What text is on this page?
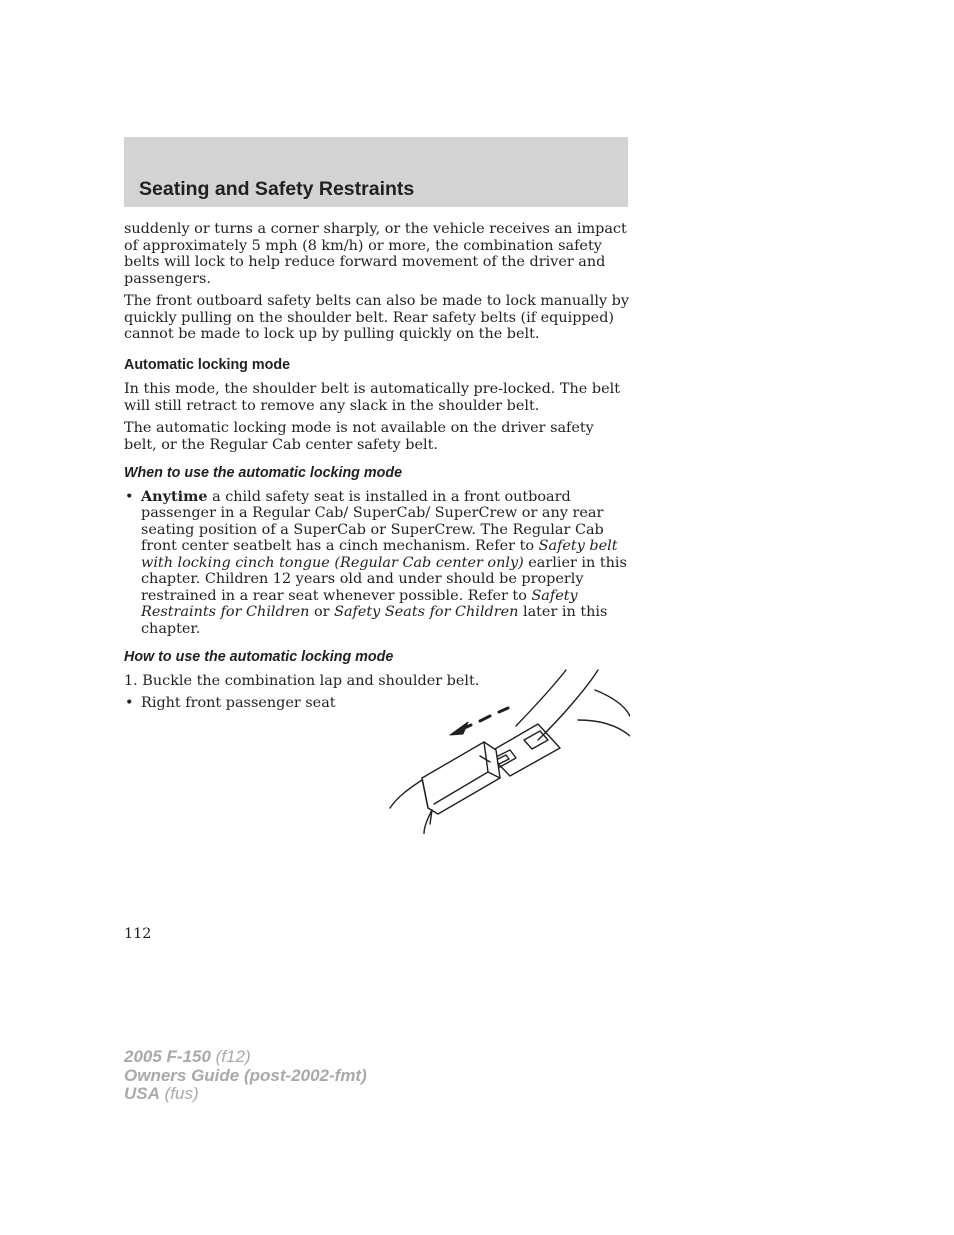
Seating and Safety Restraints

suddenly or turns a corner sharply, or the vehicle receives an impact of approximately 5 mph (8 km/h) or more, the combination safety belts will lock to help reduce forward movement of the driver and passengers.

The front outboard safety belts can also be made to lock manually by quickly pulling on the shoulder belt. Rear safety belts (if equipped) cannot be made to lock up by pulling quickly on the belt.

Automatic locking mode

In this mode, the shoulder belt is automatically pre-locked. The belt will still retract to remove any slack in the shoulder belt.

The automatic locking mode is not available on the driver safety belt, or the Regular Cab center safety belt.

When to use the automatic locking mode
• Anytime a child safety seat is installed in a front outboard passenger in a Regular Cab/ SuperCab/ SuperCrew or any rear seating position of a SuperCab or SuperCrew. The Regular Cab front center seatbelt has a cinch mechanism. Refer to Safety belt with locking cinch tongue (Regular Cab center only) earlier in this chapter. Children 12 years old and under should be properly restrained in a rear seat whenever possible. Refer to Safety Restraints for Children or Safety Seats for Children later in this chapter.
How to use the automatic locking mode

1. Buckle the combination lap and shoulder belt.

• Right front passenger seat
112
2005 F-150 (f12)
Owners Guide (post-2002-fmt)
USA (fus)
